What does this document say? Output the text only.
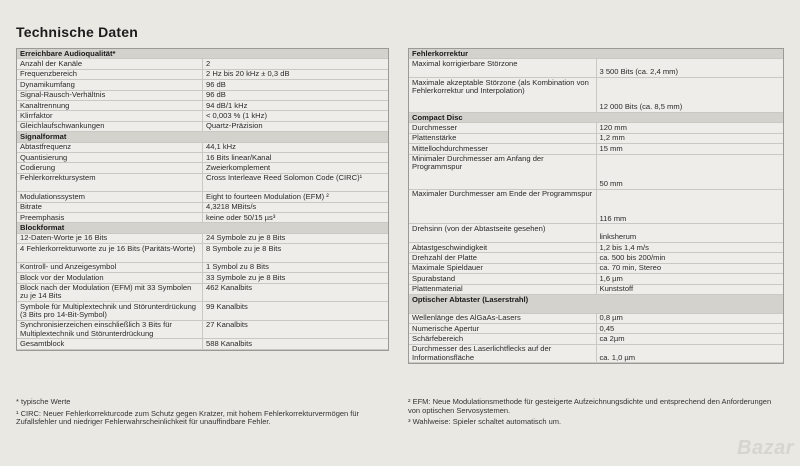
Technische Daten
Erreichbare Audioqualität*	
Anzahl der Kanäle	2
Frequenzbereich	2 Hz bis 20 kHz ± 0,3 dB
Dynamikumfang	96 dB
Signal-Rausch-Verhältnis	96 dB
Kanaltrennung	94 dB/1 kHz
Klirrfaktor	< 0,003 % (1 kHz)
Gleichlaufschwankungen	Quartz-Präzision
Signalformat	
Abtastfrequenz	44,1 kHz
Quantisierung	16 Bits linear/Kanal
Codierung	Zweierkomplement
Fehlerkorrektursystem	Cross Interleave Reed Solomon Code (CIRC)¹
Modulationssystem	Eight to fourteen Modulation (EFM) ²
Bitrate	4,3218 MBits/s
Preemphasis	keine oder 50/15 µs³
Blockformat	
12-Daten-Worte je 16 Bits	24 Symbole zu je 8 Bits
4 Fehlerkorrekturworte zu je 16 Bits (Paritäts-Worte)	8 Symbole zu je 8 Bits
Kontroll- und Anzeigesymbol	1 Symbol zu 8 Bits
Block vor der Modulation	33 Symbole zu je 8 Bits
Block nach der Modulation (EFM) mit 33 Symbolen zu je 14 Bits	462 Kanalbits
Symbole für Multiplextechnik und Störunterdrückung (3 Bits pro 14-Bit-Symbol)	99 Kanalbits
Synchronisierzeichen einschließlich 3 Bits für Multiplextechnik und Störunterdrückung	27 Kanalbits
Gesamtblock	588 Kanalbits
Fehlerkorrektur	
Maximal korrigierbare Störzone	3 500 Bits (ca. 2,4 mm)
Maximale akzeptable Störzone (als Kombination von Fehlerkorrektur und Interpolation)	12 000 Bits (ca. 8,5 mm)
Compact Disc	
Durchmesser	120 mm
Plattenstärke	1,2 mm
Mittellochdurchmesser	15 mm
Minimaler Durchmesser am Anfang der Programmspur	50 mm
Maximaler Durchmesser am Ende der Programmspur	116 mm
Drehsinn (von der Abtastseite gesehen)	linksherum
Abtastgeschwindigkeit	1,2 bis 1,4 m/s
Drehzahl der Platte	ca. 500 bis 200/min
Maximale Spieldauer	ca. 70 min, Stereo
Spurabstand	1,6 µm
Plattenmaterial	Kunststoff
Optischer Abtaster (Laserstrahl)	
Wellenlänge des AlGaAs-Lasers	0,8 µm
Numerische Apertur	0,45
Schärfebereich	ca 2µm
Durchmesser des Laserlichtflecks auf der Informationsfläche	ca. 1,0 µm

* typische Werte

¹ CIRC: Neuer Fehlerkorrekturcode zum Schutz gegen Kratzer, mit hohem Fehlerkorrekturvermögen für Zufallsfehler und niedriger Fehlerwahrscheinlichkeit für unauffindbare Fehler.

² EFM: Neue Modulationsmethode für gesteigerte Aufzeichnungsdichte und entsprechend den Anforderungen von optischen Servosystemen.

³ Wahlweise: Spieler schaltet automatisch um.

Bazar
